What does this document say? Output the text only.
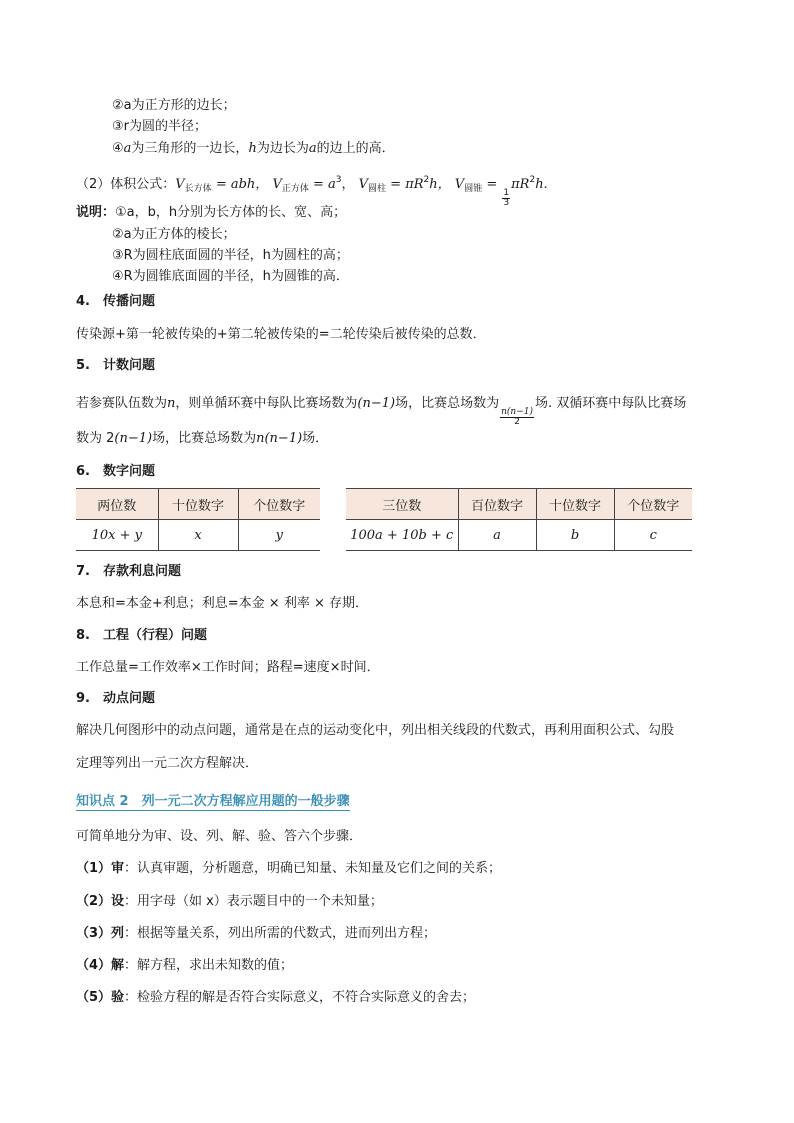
②a为正方形的边长；
③r为圆的半径；
④a为三角形的一边长，h为边长为a的边上的高．
（2）体积公式：$V_{长方体}$ = abh， $V_{正方体} = a^3$， $V_{圆柱} = \pi R^2h$， $V_{圆锥}$ =
$\frac{1}{3}$
$\pi R^2h$.
说明：①a，b，h分别为长方体的长、宽、高；
②a为正方体的棱长；
③R为圆柱底面圆的半径，h为圆柱的高；
④R为圆锥底面圆的半径，h为圆锥的高．
4.　传播问题
传染源+第一轮被传染的+第二轮被传染的=二轮传染后被传染的总数．
5.　计数问题
若参赛队伍数为n，则单循环赛中每队比赛场数为(n−1)场，比赛总场数为
$\frac{n(n-1)}{2}$
场. 双循环赛中每队比赛场
数为 2(n−1)场，比赛总场数为n(n−1)场．
6.　数字问题
两位数	十位数字	个位数字
10x + y	x	y
三位数	百位数字	十位数字	个位数字
100a + 10b + c	a	b	c
7.　存款利息问题
本息和=本金+利息；利息=本金 × 利率 × 存期．
8.　工程（行程）问题
工作总量=工作效率×工作时间；路程=速度×时间．
9.　动点问题
解决几何图形中的动点问题，通常是在点的运动变化中，列出相关线段的代数式，再利用面积公式、勾股
定理等列出一元二次方程解决．
知识点 2　列一元二次方程解应用题的一般步骤
可简单地分为审、设、列、解、验、答六个步骤．
（1）审：认真审题，分析题意，明确已知量、未知量及它们之间的关系；
（2）设：用字母（如 x）表示题目中的一个未知量；
（3）列：根据等量关系，列出所需的代数式，进而列出方程；
（4）解：解方程，求出未知数的值；
（5）验：检验方程的解是否符合实际意义，不符合实际意义的舍去；
